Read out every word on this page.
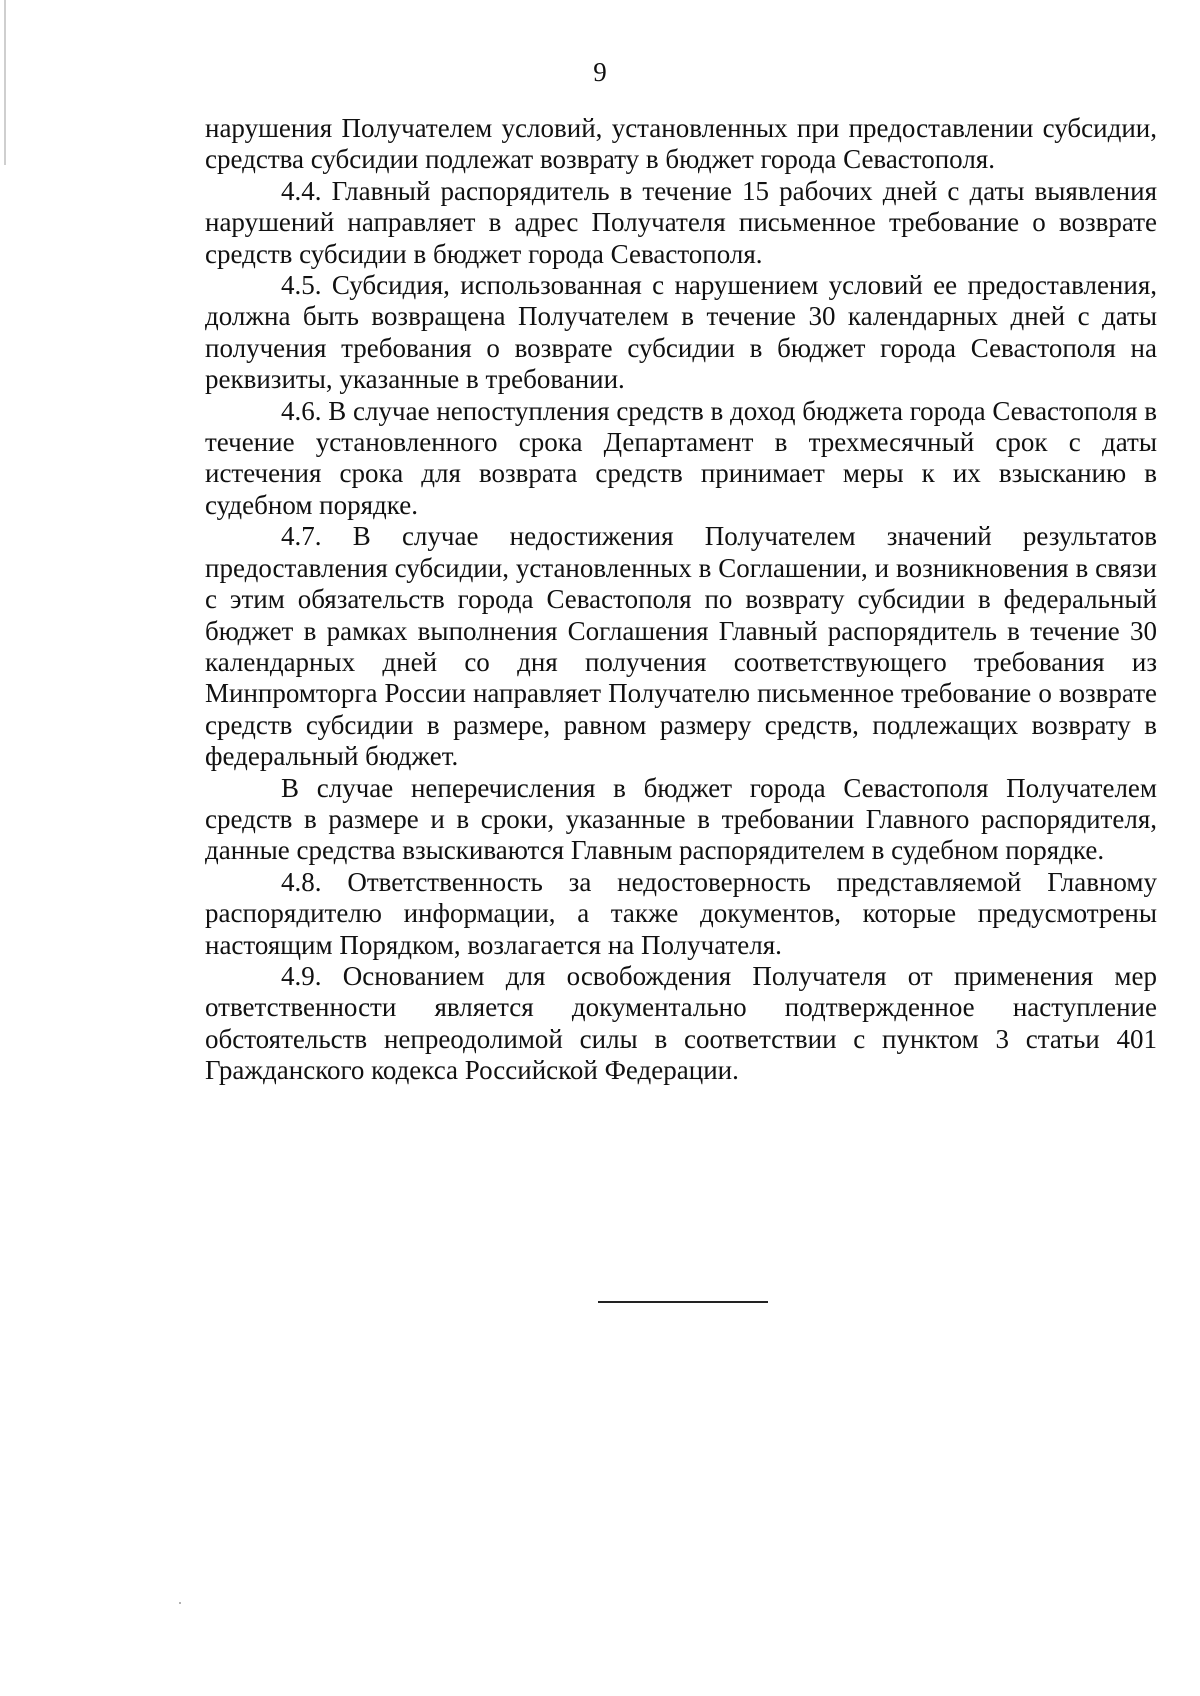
9

нарушения Получателем условий, установленных при предоставлении субсидии, средства субсидии подлежат возврату в бюджет города Севастополя.

4.4. Главный распорядитель в течение 15 рабочих дней с даты выявления нарушений направляет в адрес Получателя письменное требование о возврате средств субсидии в бюджет города Севастополя.

4.5. Субсидия, использованная с нарушением условий ее предоставления, должна быть возвращена Получателем в течение 30 календарных дней с даты получения требования о возврате субсидии в бюджет города Севастополя на реквизиты, указанные в требовании.

4.6. В случае непоступления средств в доход бюджета города Севастополя в течение установленного срока Департамент в трехмесячный срок с даты истечения срока для возврата средств принимает меры к их взысканию в судебном порядке.

4.7. В случае недостижения Получателем значений результатов предоставления субсидии, установленных в Соглашении, и возникновения в связи с этим обязательств города Севастополя по возврату субсидии в федеральный бюджет в рамках выполнения Соглашения Главный распорядитель в течение 30 календарных дней со дня получения соответствующего требования из Минпромторга России направляет Получателю письменное требование о возврате средств субсидии в размере, равном размеру средств, подлежащих возврату в федеральный бюджет.

В случае неперечисления в бюджет города Севастополя Получателем средств в размере и в сроки, указанные в требовании Главного распорядителя, данные средства взыскиваются Главным распорядителем в судебном порядке.

4.8. Ответственность за недостоверность представляемой Главному распорядителю информации, а также документов, которые предусмотрены настоящим Порядком, возлагается на Получателя.

4.9. Основанием для освобождения Получателя от применения мер ответственности является документально подтвержденное наступление обстоятельств непреодолимой силы в соответствии с пунктом 3 статьи 401 Гражданского кодекса Российской Федерации.
